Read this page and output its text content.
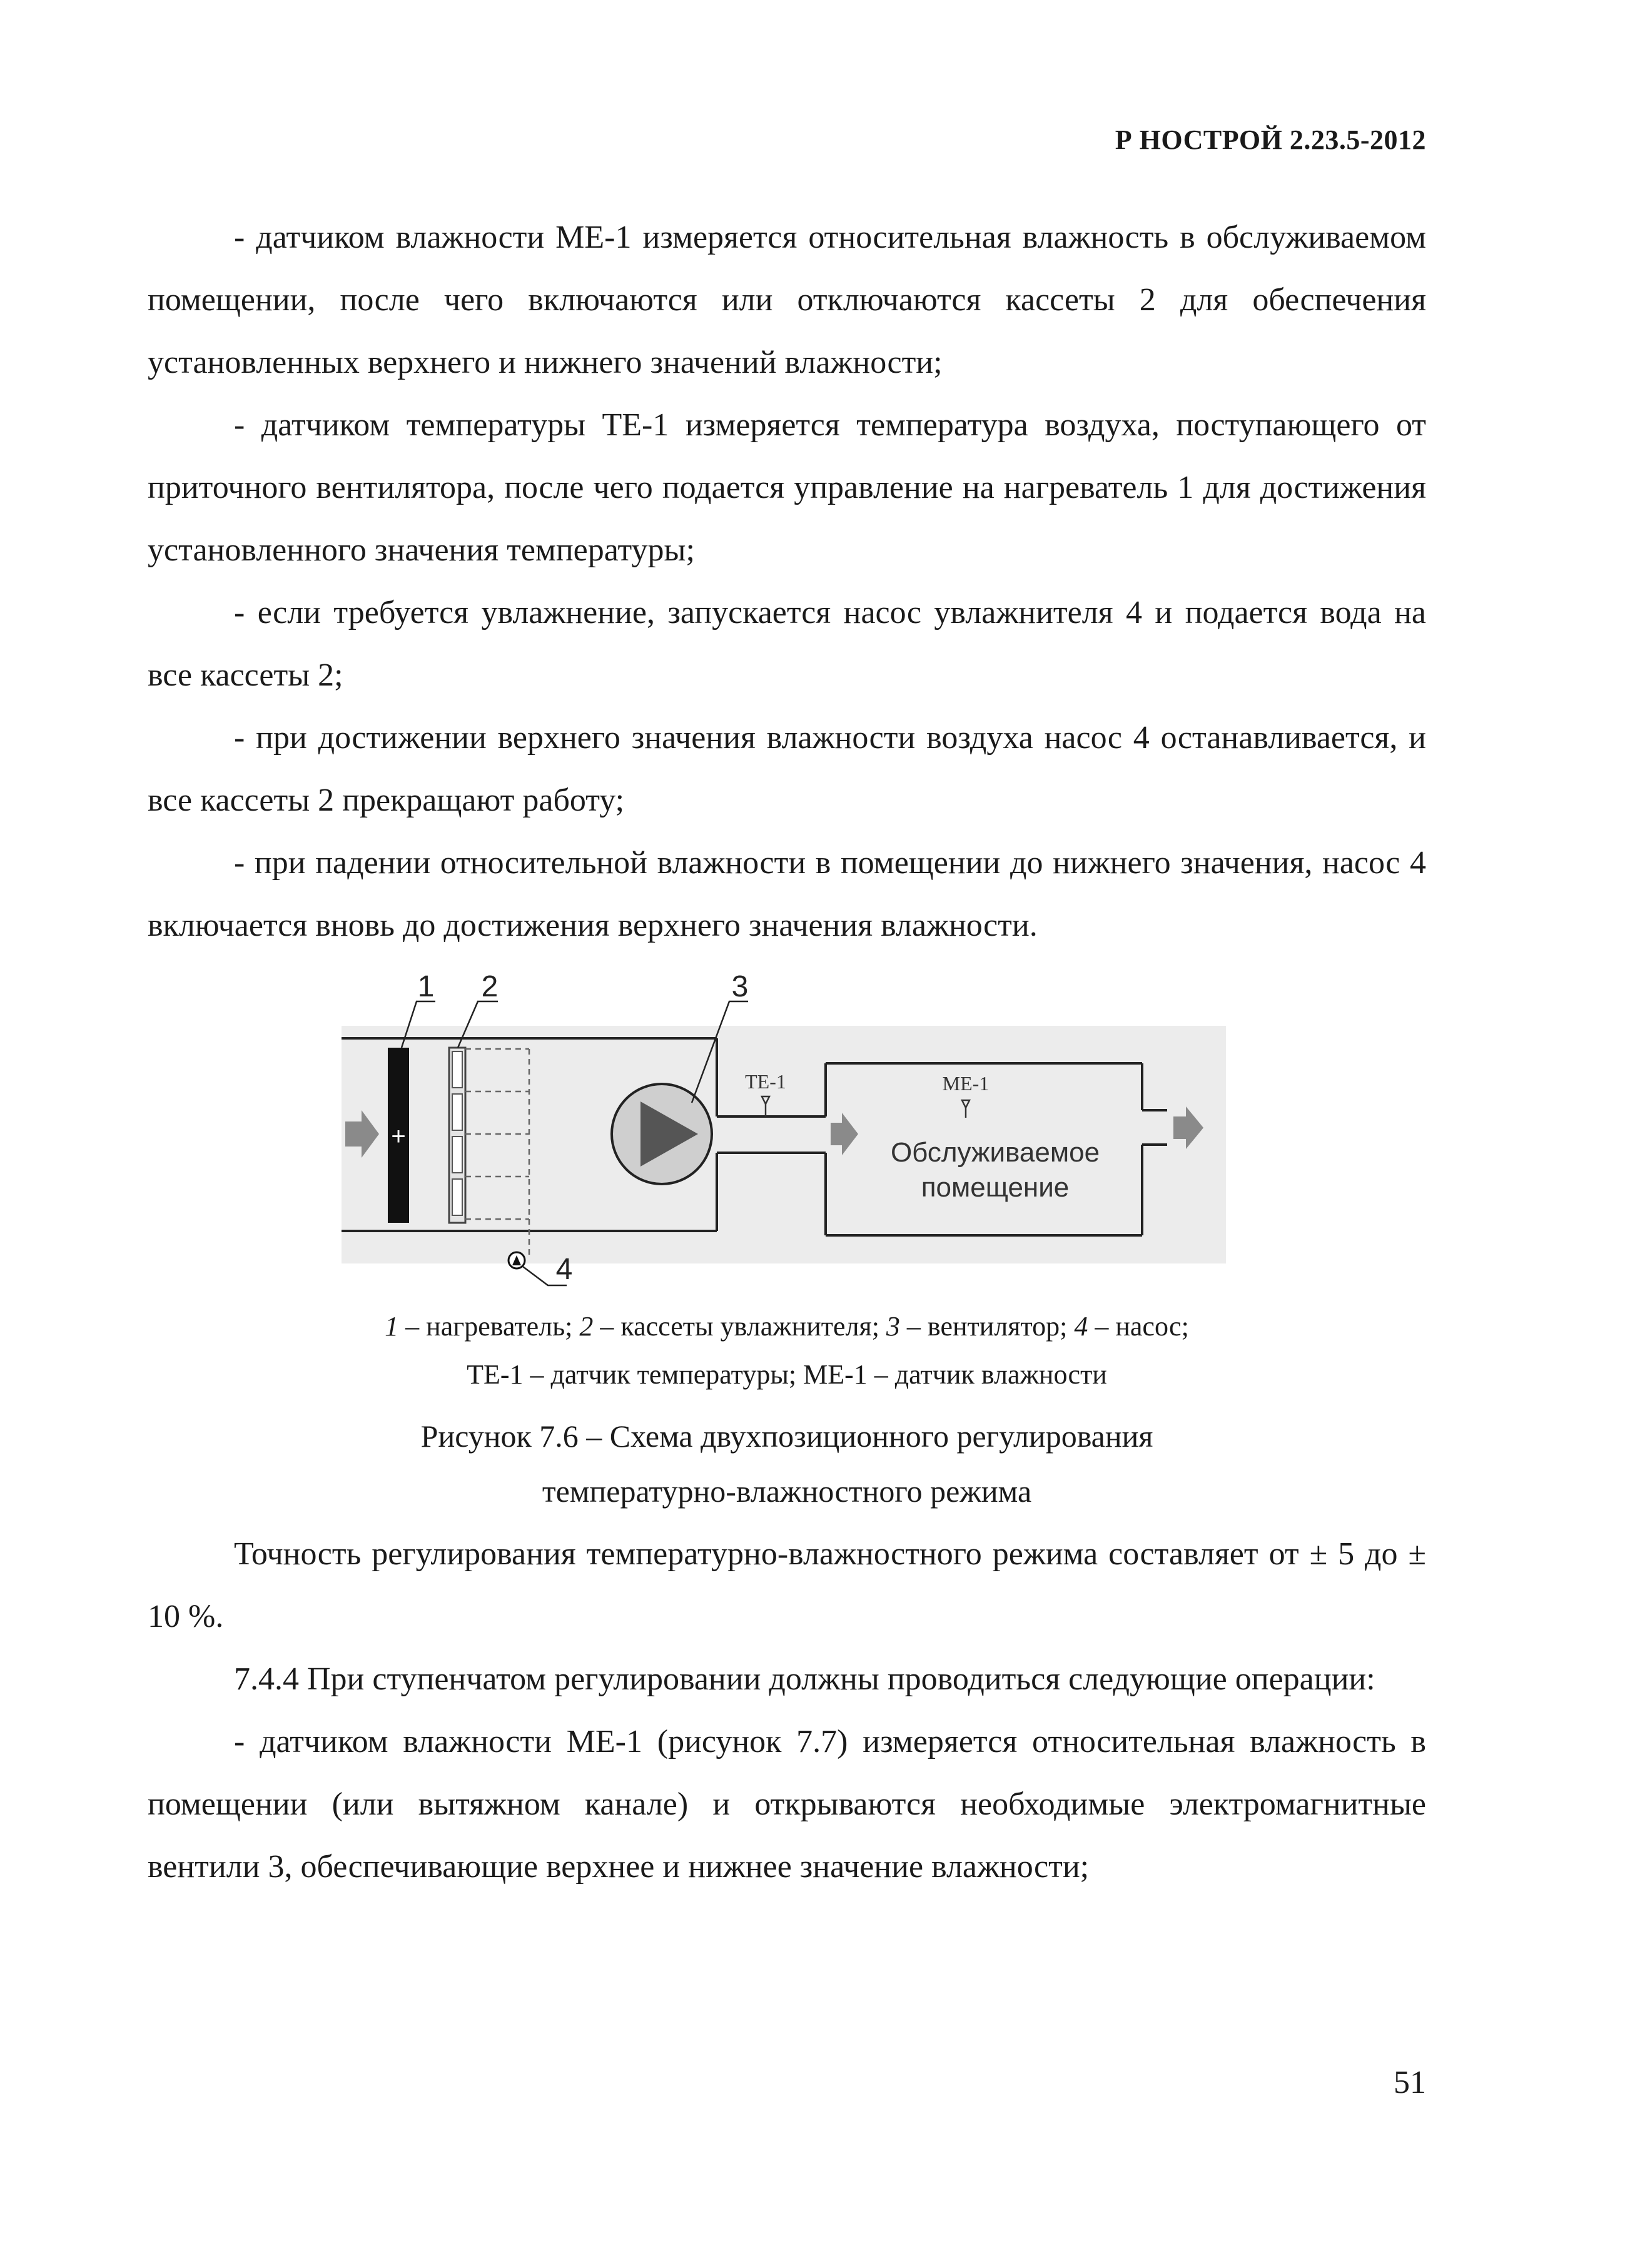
Р НОСТРОЙ 2.23.5-2012

- датчиком влажности МЕ-1 измеряется относительная влажность в обслуживаемом помещении, после чего включаются или отключаются кассеты 2 для обеспечения установленных верхнего и нижнего значений влажности;

- датчиком температуры ТЕ-1 измеряется температура воздуха, поступающего от приточного вентилятора, после чего подается управление на нагреватель 1 для достижения установленного значения температуры;

- если требуется увлажнение, запускается насос увлажнителя 4 и подается вода на все кассеты 2;

- при достижении верхнего значения влажности воздуха насос 4 останавливается, и все кассеты 2 прекращают работу;

- при падении относительной влажности в помещении до нижнего значения, насос 4 включается вновь до достижения верхнего значения влажности.

+
ТЕ-1	МЕ-1
Обслуживаемое
помещение
1 2	3
4
1 – нагреватель; 2 – кассеты увлажнителя; 3 – вентилятор; 4 – насос;
ТЕ-1 – датчик температуры; МЕ-1 – датчик влажности
Рисунок 7.6 – Схема двухпозиционного регулирования
температурно-влажностного режима

Точность регулирования температурно-влажностного режима составляет от ± 5 до ± 10 %.

7.4.4 При ступенчатом регулировании должны проводиться следующие операции:

- датчиком влажности МЕ-1 (рисунок 7.7) измеряется относительная влажность в помещении (или вытяжном канале) и открываются необходимые электромагнитные вентили 3, обеспечивающие верхнее и нижнее значение влажности;

51
